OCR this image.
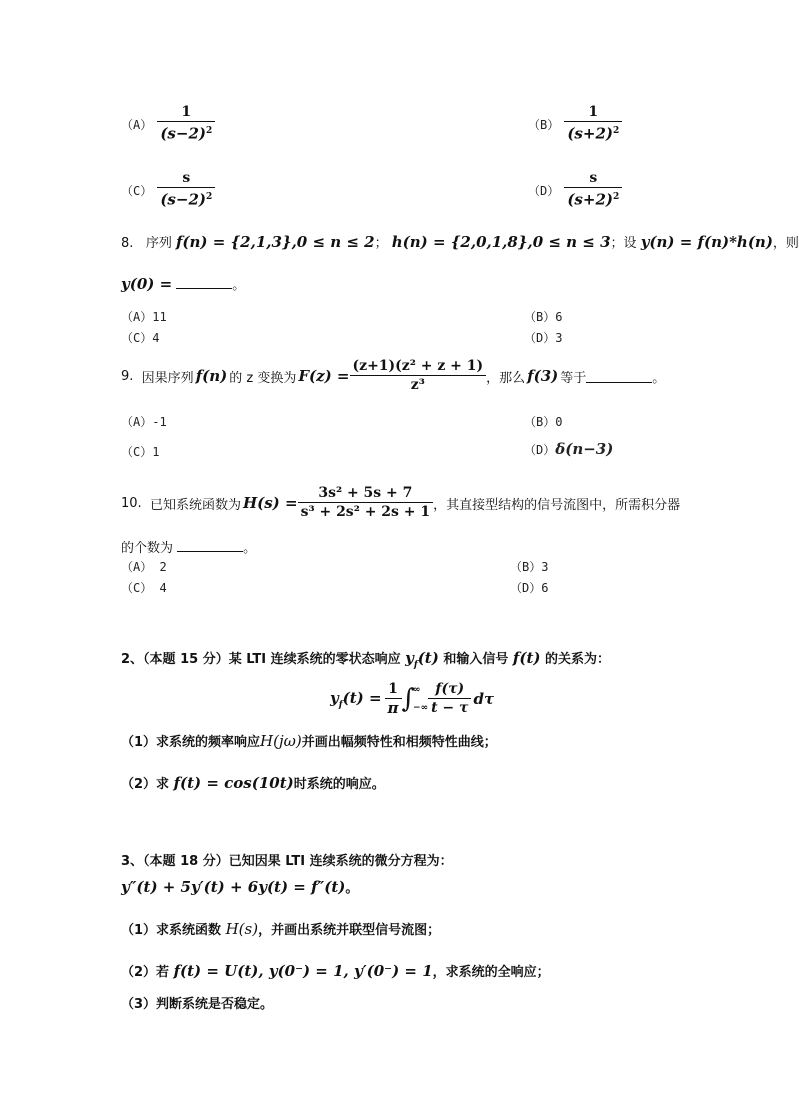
$(A) \frac{1}{(s-2)^2}$	$(B) \frac{1}{(s+2)^2}$
$(C) \frac{s}{(s-2)^2}$	$(D) \frac{s}{(s+2)^2}$
8. 序列 f(n) = {2,1,3},0 ≤ n ≤ 2； h(n) = {2,0,1,8},0 ≤ n ≤ 3；设 y(n) = f(n)*h(n)，则
y(0) =	。
（A）11	（B）6
（C）4	（D）3
9.
因果序列 f(n) 的 z 变换为 $F(z) = \frac{\text{(z+1)(z² + z + 1)}}{\text{z³}}$ ，那么 f(3) 等于	。
（A）-1	（B）0
（C）1	（D）δ(n−3)
10.
已知系统函数为 $H(s) = \frac{\text{3s² + 5s + 7}}{\text{s³ + 2s² + 2s + 1}}$ ，其直接型结构的信号流图中，所需积分器
的个数为	。
（A） 2	（B）3
（C） 4	（D）6
2、（本题 15 分）某 LTI 连续系统的零状态响应 $y_f(t)$ 和输入信号 f(t) 的关系为：
$y_f(t) = \frac{1}{\pi}$ ∫
∞
−∞ $\frac{f(\tau)}{t - \tau}$ dτ
（1）求系统的频率响应H(jω)并画出幅频特性和相频特性曲线；
（2）求 f(t) = cos(10t)时系统的响应。
3、（本题 18 分）已知因果 LTI 连续系统的微分方程为：
y″(t) + 5y′(t) + 6y(t) = f″(t)。
（1）求系统函数 H(s)，并画出系统并联型信号流图；
（2）若 f(t) = U(t), y(0⁻) = 1, y′(0⁻) = 1，求系统的全响应；
（3）判断系统是否稳定。
